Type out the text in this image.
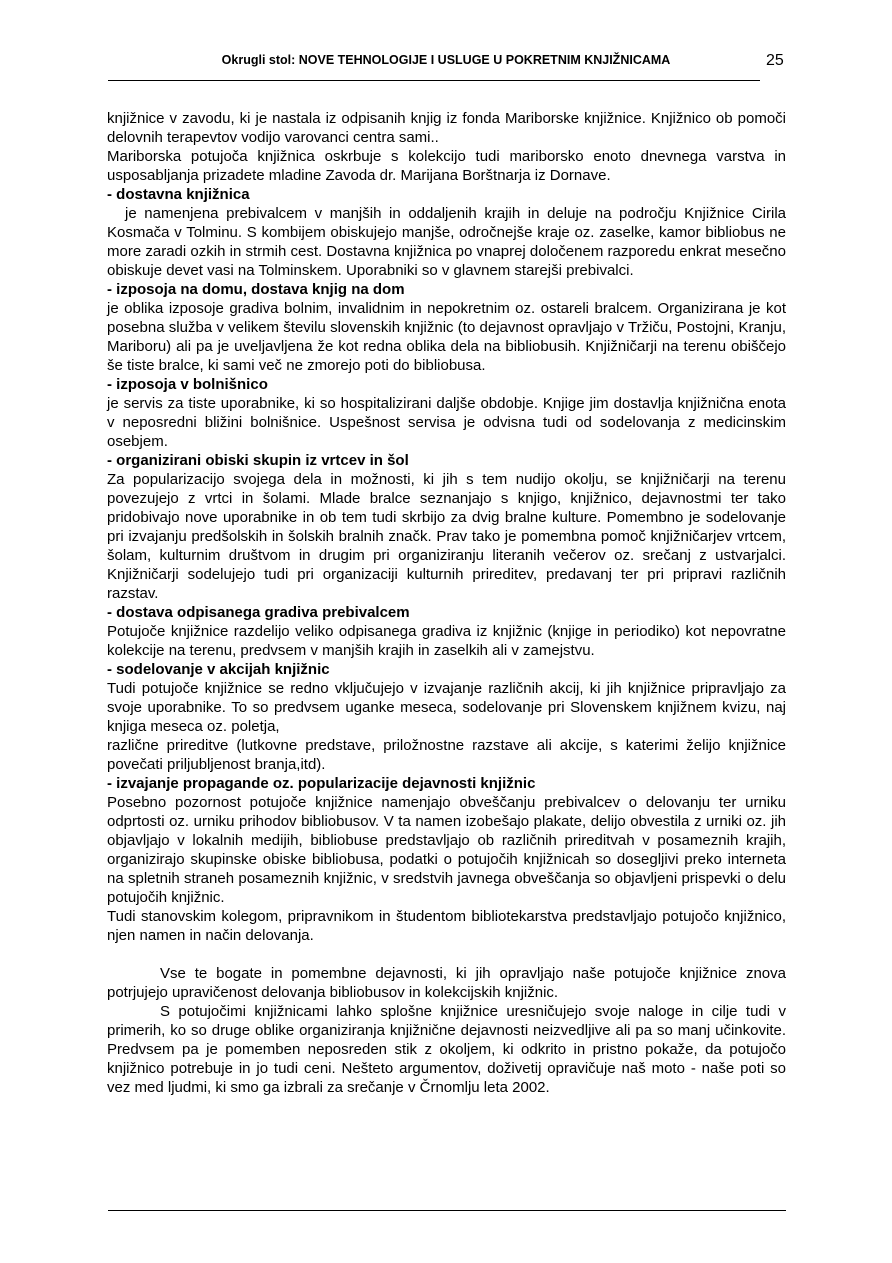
Okrugli stol: NOVE TEHNOLOGIJE I USLUGE U POKRETNIM KNJIŽNICAMA	25

knjižnice v zavodu, ki je nastala iz odpisanih knjig iz fonda Mariborske knjižnice. Knjižnico ob pomoči delovnih terapevtov vodijo varovanci centra sami..

Mariborska potujoča knjižnica oskrbuje s kolekcijo tudi mariborsko enoto dnevnega varstva in usposabljanja prizadete mladine Zavoda dr. Marijana Borštnarja iz Dornave.

- dostavna knjižnica

je namenjena prebivalcem v manjših in oddaljenih krajih in deluje na področju Knjižnice Cirila Kosmača v Tolminu. S kombijem obiskujejo manjše, odročnejše kraje oz. zaselke, kamor bibliobus ne more zaradi ozkih in strmih cest. Dostavna knjižnica po vnaprej določenem razporedu enkrat mesečno obiskuje devet vasi na Tolminskem. Uporabniki so v glavnem starejši prebivalci.

- izposoja na domu, dostava knjig na dom

je oblika izposoje gradiva bolnim, invalidnim in nepokretnim oz. ostareli bralcem. Organizirana je kot posebna služba v velikem številu slovenskih knjižnic (to dejavnost opravljajo v Tržiču, Postojni, Kranju, Mariboru) ali pa je uveljavljena že kot redna oblika dela na bibliobusih. Knjižničarji na terenu obiščejo še tiste bralce, ki sami več ne zmorejo poti do bibliobusa.

- izposoja v bolnišnico

je servis za tiste uporabnike, ki so hospitalizirani daljše obdobje. Knjige jim dostavlja knjižnična enota v neposredni bližini bolnišnice. Uspešnost servisa je odvisna tudi od sodelovanja z medicinskim osebjem.

- organizirani obiski skupin iz vrtcev in šol

Za popularizacijo svojega dela in možnosti, ki jih s tem nudijo okolju, se knjižničarji na terenu povezujejo z vrtci in šolami. Mlade bralce seznanjajo s knjigo, knjižnico, dejavnostmi ter tako pridobivajo nove uporabnike in ob tem tudi skrbijo za dvig bralne kulture. Pomembno je sodelovanje pri izvajanju predšolskih in šolskih bralnih značk. Prav tako je pomembna pomoč knjižničarjev vrtcem, šolam, kulturnim društvom in drugim pri organiziranju literanih večerov oz. srečanj z ustvarjalci. Knjižničarji sodelujejo tudi pri organizaciji kulturnih prireditev, predavanj ter pri pripravi različnih razstav.

- dostava odpisanega gradiva prebivalcem

Potujoče knjižnice razdelijo veliko odpisanega gradiva iz knjižnic (knjige in periodiko) kot nepovratne kolekcije na terenu, predvsem v manjših krajih in zaselkih ali v zamejstvu.

- sodelovanje v akcijah knjižnic

Tudi potujoče knjižnice se redno vključujejo v izvajanje različnih akcij, ki jih knjižnice pripravljajo za svoje uporabnike. To so predvsem uganke meseca, sodelovanje pri Slovenskem knjižnem kvizu, naj knjiga meseca oz. poletja,

različne prireditve (lutkovne predstave, priložnostne razstave ali akcije, s katerimi želijo knjižnice povečati priljubljenost branja,itd).

- izvajanje propagande oz. popularizacije dejavnosti knjižnic

Posebno pozornost potujoče knjižnice namenjajo obveščanju prebivalcev o delovanju ter urniku odprtosti oz. urniku prihodov bibliobusov. V ta namen izobešajo plakate, delijo obvestila z urniki oz. jih objavljajo v lokalnih medijih, bibliobuse predstavljajo ob različnih prireditvah v posameznih krajih, organizirajo skupinske obiske bibliobusa, podatki o potujočih knjižnicah so dosegljivi preko interneta na spletnih straneh posameznih knjižnic, v sredstvih javnega obveščanja so objavljeni prispevki o delu potujočih knjižnic.

Tudi stanovskim kolegom, pripravnikom in študentom bibliotekarstva predstavljajo potujočo knjižnico, njen namen in način delovanja.

Vse te bogate in pomembne dejavnosti, ki jih opravljajo naše potujoče knjižnice znova potrjujejo upravičenost delovanja bibliobusov in kolekcijskih knjižnic.

S potujočimi knjižnicami lahko splošne knjižnice uresničujejo svoje naloge in cilje tudi v primerih, ko so druge oblike organiziranja knjižnične dejavnosti neizvedljive ali pa so manj učinkovite. Predvsem pa je pomemben neposreden stik z okoljem, ki odkrito in pristno pokaže, da potujočo knjižnico potrebuje in jo tudi ceni. Nešteto argumentov, doživetij opravičuje naš moto - naše poti so vez med ljudmi, ki smo ga izbrali za srečanje v Črnomlju leta 2002.
